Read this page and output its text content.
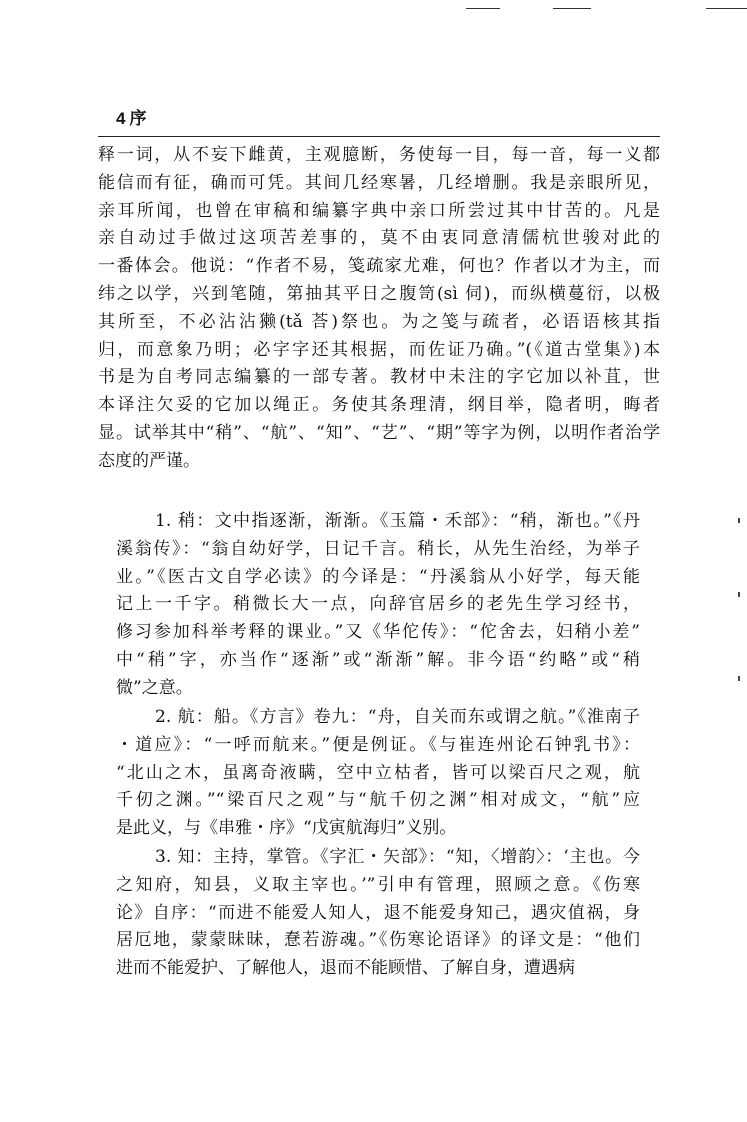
4 序
释一词，从不妄下雌黄，主观臆断，务使每一目，每一音，每一义都
能信而有征，确而可凭。其间几经寒暑，几经增删。我是亲眼所见，
亲耳所闻，也曾在审稿和编纂字典中亲口所尝过其中甘苦的。凡是
亲自动过手做过这项苦差事的，莫不由衷同意清儒杭世骏对此的
一番体会。他说：“作者不易，笺疏家尤难，何也？作者以才为主，而
纬之以学，兴到笔随，第抽其平日之腹笥(sì 伺)，而纵横蔓衍，以极
其所至，不必沾沾獭(tǎ 荅)祭也。为之笺与疏者，必语语核其指
归，而意象乃明；必字字还其根据，而佐证乃确。”(《道古堂集》)本
书是为自考同志编纂的一部专著。教材中未注的字它加以补苴，世
本译注欠妥的它加以绳正。务使其条理清，纲目举，隐者明，晦者
显。试举其中“稍”、“航”、“知”、“艺”、“期”等字为例，以明作者治学
态度的严谨。
1. 稍：文中指逐渐，渐渐。《玉篇・禾部》：“稍，渐也。”《丹
溪翁传》：“翁自幼好学，日记千言。稍长，从先生治经，为举子
业。”《医古文自学必读》的今译是：“丹溪翁从小好学，每天能
记上一千字。稍微长大一点，向辞官居乡的老先生学习经书，
修习参加科举考释的课业。”又《华佗传》：“佗舍去，妇稍小差”
中“稍”字，亦当作“逐渐”或“渐渐”解。非今语“约略”或“稍
微”之意。
2. 航：船。《方言》卷九：“舟，自关而东或谓之航。”《淮南子
・道应》：“一呼而航来。”便是例证。《与崔连州论石钟乳书》：
“北山之木，虽离奇液瞒，空中立枯者，皆可以梁百尺之观，航
千仞之渊。”“梁百尺之观”与“航千仞之渊”相对成文，“航”应
是此义，与《串雅・序》“戊寅航海归”义别。
3. 知：主持，掌管。《字汇・矢部》：“知，〈增韵〉：‘主也。今
之知府，知县，义取主宰也。’”引申有管理，照顾之意。《伤寒
论》自序：“而进不能爱人知人，退不能爱身知己，遇灾值祸，身
居厄地，蒙蒙昧昧，惷若游魂。”《伤寒论语译》的译文是：“他们
进而不能爱护、了解他人，退而不能顾惜、了解自身，遭遇病
